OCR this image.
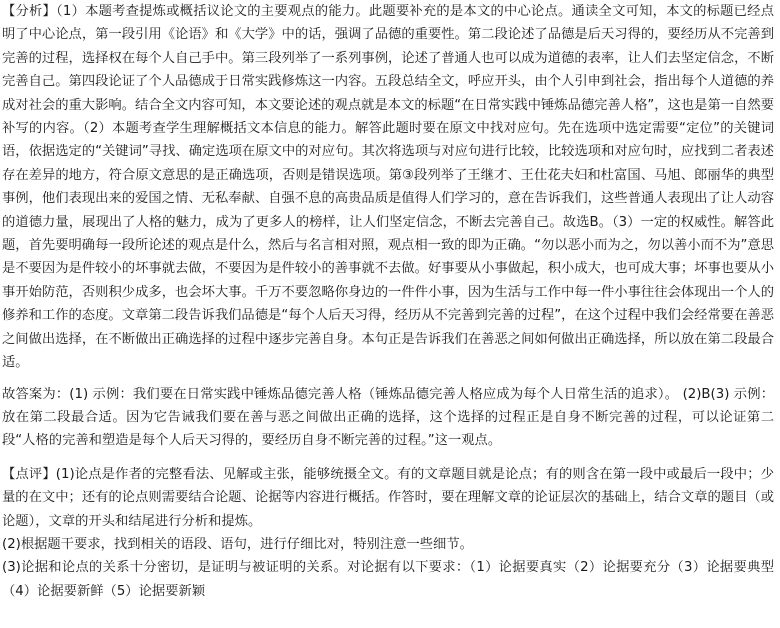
【分析】（1）本题考查提炼或概括议论文的主要观点的能力。此题要补充的是本文的中心论点。通读全文可知，本文的标题已经点明了中心论点，第一段引用《论语》和《大学》中的话，强调了品德的重要性。第二段论述了品德是后天习得的，要经历从不完善到完善的过程，选择权在每个人自己手中。第三段列举了一系列事例，论述了普通人也可以成为道德的表率，让人们去坚定信念，不断完善自己。第四段论证了个人品德成于日常实践修炼这一内容。五段总结全文，呼应开头，由个人引申到社会，指出每个人道德的养成对社会的重大影响。结合全文内容可知，本文要论述的观点就是本文的标题“在日常实践中锤炼品德完善人格”，这也是第一自然要补写的内容。（2）本题考查学生理解概括文本信息的能力。解答此题时要在原文中找对应句。先在选项中选定需要“定位”的关键词语，依据选定的“关键词”寻找、确定选项在原文中的对应句。其次将选项与对应句进行比较，比较选项和对应句时，应找到二者表述存在差异的地方，符合原文意思的是正确选项，否则是错误选项。第③段列举了王继才、王仕花夫妇和杜富国、马旭、郎丽华的典型事例，他们表现出来的爱国之情、无私奉献、自强不息的高贵品质是值得人们学习的，意在告诉我们，这些普通人表现出了让人动容的道德力量，展现出了人格的魅力，成为了更多人的榜样，让人们坚定信念，不断去完善自己。故选B。（3）一定的权威性。解答此题，首先要明确每一段所论述的观点是什么，然后与名言相对照，观点相一致的即为正确。“勿以恶小而为之，勿以善小而不为”意思是不要因为是件较小的坏事就去做，不要因为是件较小的善事就不去做。好事要从小事做起，积小成大，也可成大事；坏事也要从小事开始防范，否则积少成多，也会坏大事。千万不要忽略你身边的一件件小事，因为生活与工作中每一件小事往往会体现出一个人的修养和工作的态度。文章第二段告诉我们品德是“每个人后天习得，经历从不完善到完善的过程”，在这个过程中我们会经常要在善恶之间做出选择，在不断做出正确选择的过程中逐步完善自身。本句正是告诉我们在善恶之间如何做出正确选择，所以放在第二段最合适。

故答案为：(1) 示例：我们要在日常实践中锤炼品德完善人格（锤炼品德完善人格应成为每个人日常生活的追求）。 (2)B(3) 示例： 放在第二段最合适。因为它告诫我们要在善与恶之间做出正确的选择，这个选择的过程正是自身不断完善的过程，可以论证第二段“人格的完善和塑造是每个人后天习得的，要经历自身不断完善的过程。”这一观点。

【点评】(1)论点是作者的完整看法、见解或主张，能够统摄全文。有的文章题目就是论点；有的则含在第一段中或最后一段中；少量的在文中；还有的论点则需要结合论题、论据等内容进行概括。作答时，要在理解文章的论证层次的基础上，结合文章的题目（或论题），文章的开头和结尾进行分析和提炼。
(2)根据题干要求，找到相关的语段、语句，进行仔细比对，特别注意一些细节。
(3)论据和论点的关系十分密切，是证明与被证明的关系。对论据有以下要求：（1）论据要真实（2）论据要充分（3）论据要典型（4）论据要新鲜（5）论据要新颖
